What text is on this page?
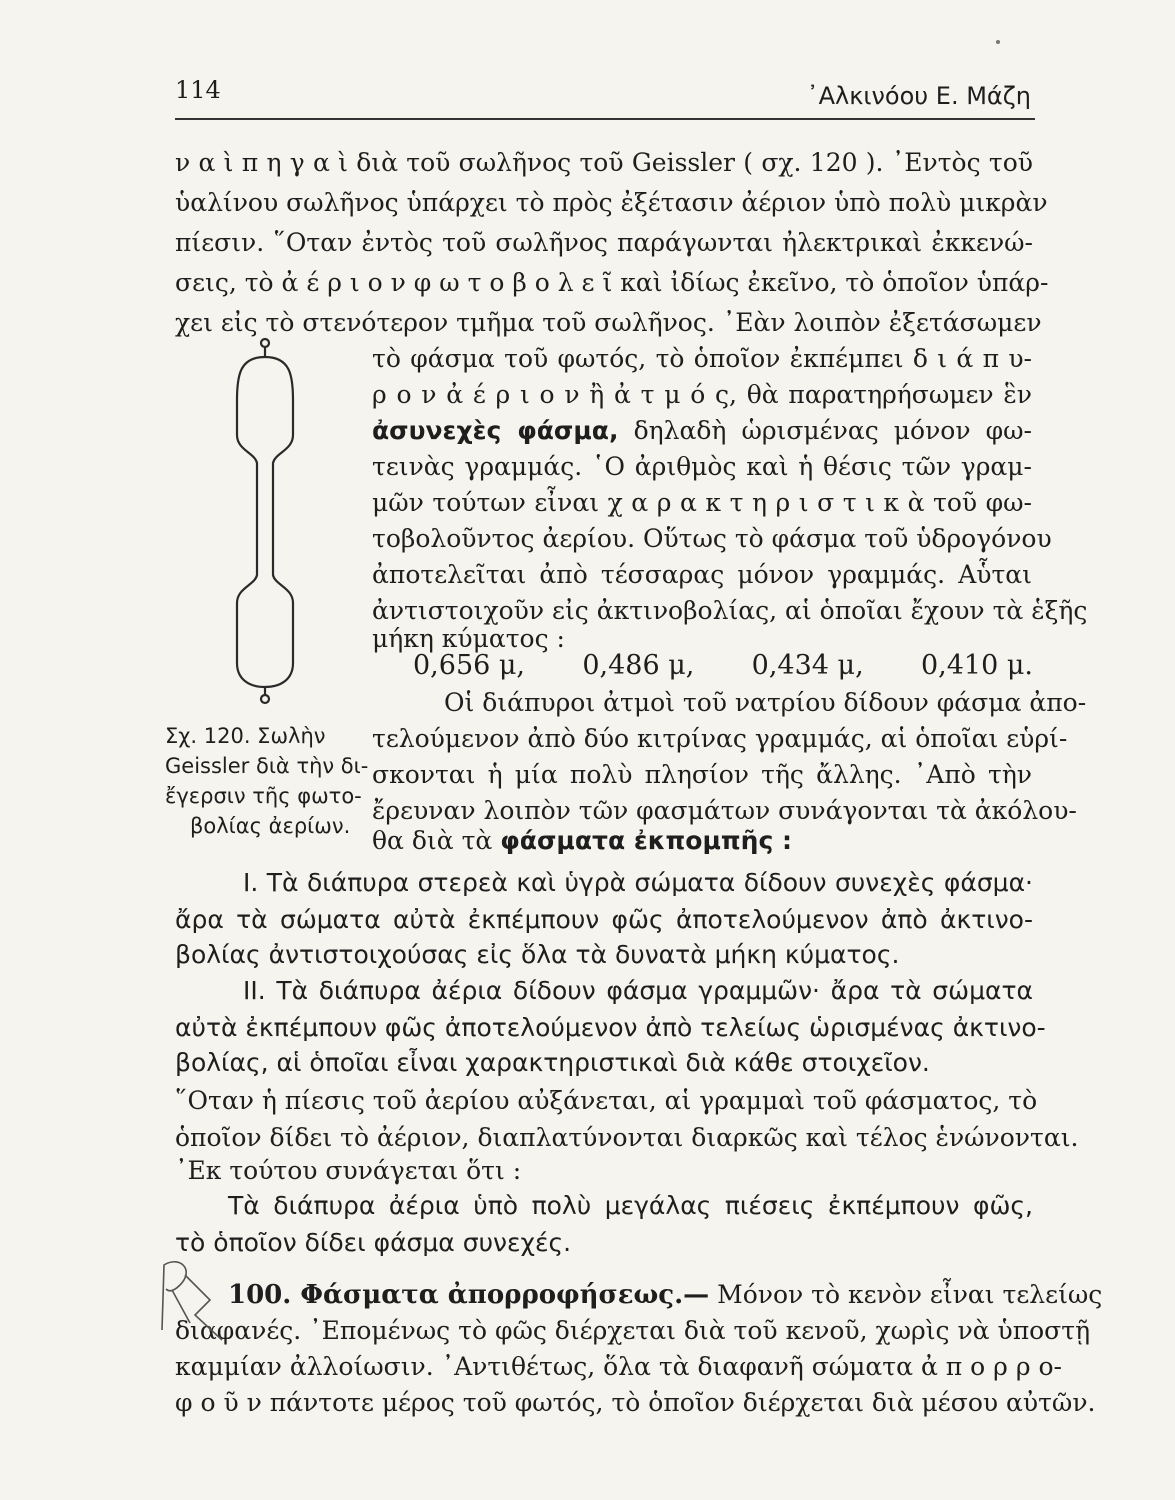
114	᾿Αλκινόου Ε. Μάζη
ν α ὶ π η γ α ὶ διὰ τοῦ σωλῆνος τοῦ Geissler ( σχ. 120 ). ᾿Εντὸς τοῦ
ὑαλίνου σωλῆνος ὑπάρχει τὸ πρὸς ἐξέτασιν ἀέριον ὑπὸ πολὺ μικρὰν
πίεσιν. ῞Οταν ἐντὸς τοῦ σωλῆνος παράγωνται ἠλεκτρικαὶ ἐκκενώ-
σεις, τὸ ἀ έ ρ ι ο ν φ ω τ ο β ο λ ε ῖ καὶ ἰδίως ἐκεῖνο, τὸ ὁποῖον ὑπάρ-
χει εἰς τὸ στενότερον τμῆμα τοῦ σωλῆνος. ᾿Εὰν λοιπὸν ἐξετάσωμεν
τὸ φάσμα τοῦ φωτός, τὸ ὁποῖον ἐκπέμπει δ ι ά π υ-
ρ ο ν ἀ έ ρ ι ο ν ἢ ἀ τ μ ό ς, θὰ παρατηρήσωμεν ἓν
ἀσυνεχὲς φάσμα, δηλαδὴ ὡρισμένας μόνον φω-
τεινὰς γραμμάς. ῾Ο ἀριθμὸς καὶ ἡ θέσις τῶν γραμ-
μῶν τούτων εἶναι χ α ρ α κ τ η ρ ι σ τ ι κ ὰ τοῦ φω-
τοβολοῦντος ἀερίου. Οὕτως τὸ φάσμα τοῦ ὑδρογόνου
ἀποτελεῖται ἀπὸ τέσσαρας μόνον γραμμάς. Αὗται
ἀντιστοιχοῦν εἰς ἀκτινοβολίας, αἱ ὁποῖαι ἔχουν τὰ ἑξῆς
μήκη κύματος :
0,656 μ, 0,486 μ, 0,434 μ, 0,410 μ.
Οἱ διάπυροι ἀτμοὶ τοῦ νατρίου δίδουν φάσμα ἀπο-
τελούμενον ἀπὸ δύο κιτρίνας γραμμάς, αἱ ὁποῖαι εὑρί-
σκονται ἡ μία πολὺ πλησίον τῆς ἄλλης. ᾿Απὸ τὴν
ἔρευναν λοιπὸν τῶν φασμάτων συνάγονται τὰ ἀκόλου-
θα διὰ τὰ φάσματα ἐκπομπῆς :
Σχ. 120. Σωλὴν
Geissler διὰ τὴν δι-
ἔγερσιν τῆς φωτο-
βολίας ἀερίων.
Ι. Τὰ διάπυρα στερεὰ καὶ ὑγρὰ σώματα δίδουν συνεχὲς φάσμα·
ἄρα τὰ σώματα αὐτὰ ἐκπέμπουν φῶς ἀποτελούμενον ἀπὸ ἀκτινο-
βολίας ἀντιστοιχούσας εἰς ὅλα τὰ δυνατὰ μήκη κύματος.
ΙΙ. Τὰ διάπυρα ἀέρια δίδουν φάσμα γραμμῶν· ἄρα τὰ σώματα
αὐτὰ ἐκπέμπουν φῶς ἀποτελούμενον ἀπὸ τελείως ὡρισμένας ἀκτινο-
βολίας, αἱ ὁποῖαι εἶναι χαρακτηριστικαὶ διὰ κάθε στοιχεῖον.
῞Οταν ἡ πίεσις τοῦ ἀερίου αὐξάνεται, αἱ γραμμαὶ τοῦ φάσματος, τὸ
ὁποῖον δίδει τὸ ἀέριον, διαπλατύνονται διαρκῶς καὶ τέλος ἑνώνονται.
᾿Εκ τούτου συνάγεται ὅτι :
Τὰ διάπυρα ἀέρια ὑπὸ πολὺ μεγάλας πιέσεις ἐκπέμπουν φῶς,
τὸ ὁποῖον δίδει φάσμα συνεχές.
100. Φάσματα ἀπορροφήσεως.— Μόνον τὸ κενὸν εἶναι τελείως
διαφανές. ᾿Επομένως τὸ φῶς διέρχεται διὰ τοῦ κενοῦ, χωρὶς νὰ ὑποστῇ
καμμίαν ἀλλοίωσιν. ᾿Αντιθέτως, ὅλα τὰ διαφανῆ σώματα ἀ π ο ρ ρ ο-
φ ο ῦ ν πάντοτε μέρος τοῦ φωτός, τὸ ὁποῖον διέρχεται διὰ μέσου αὐτῶν.
